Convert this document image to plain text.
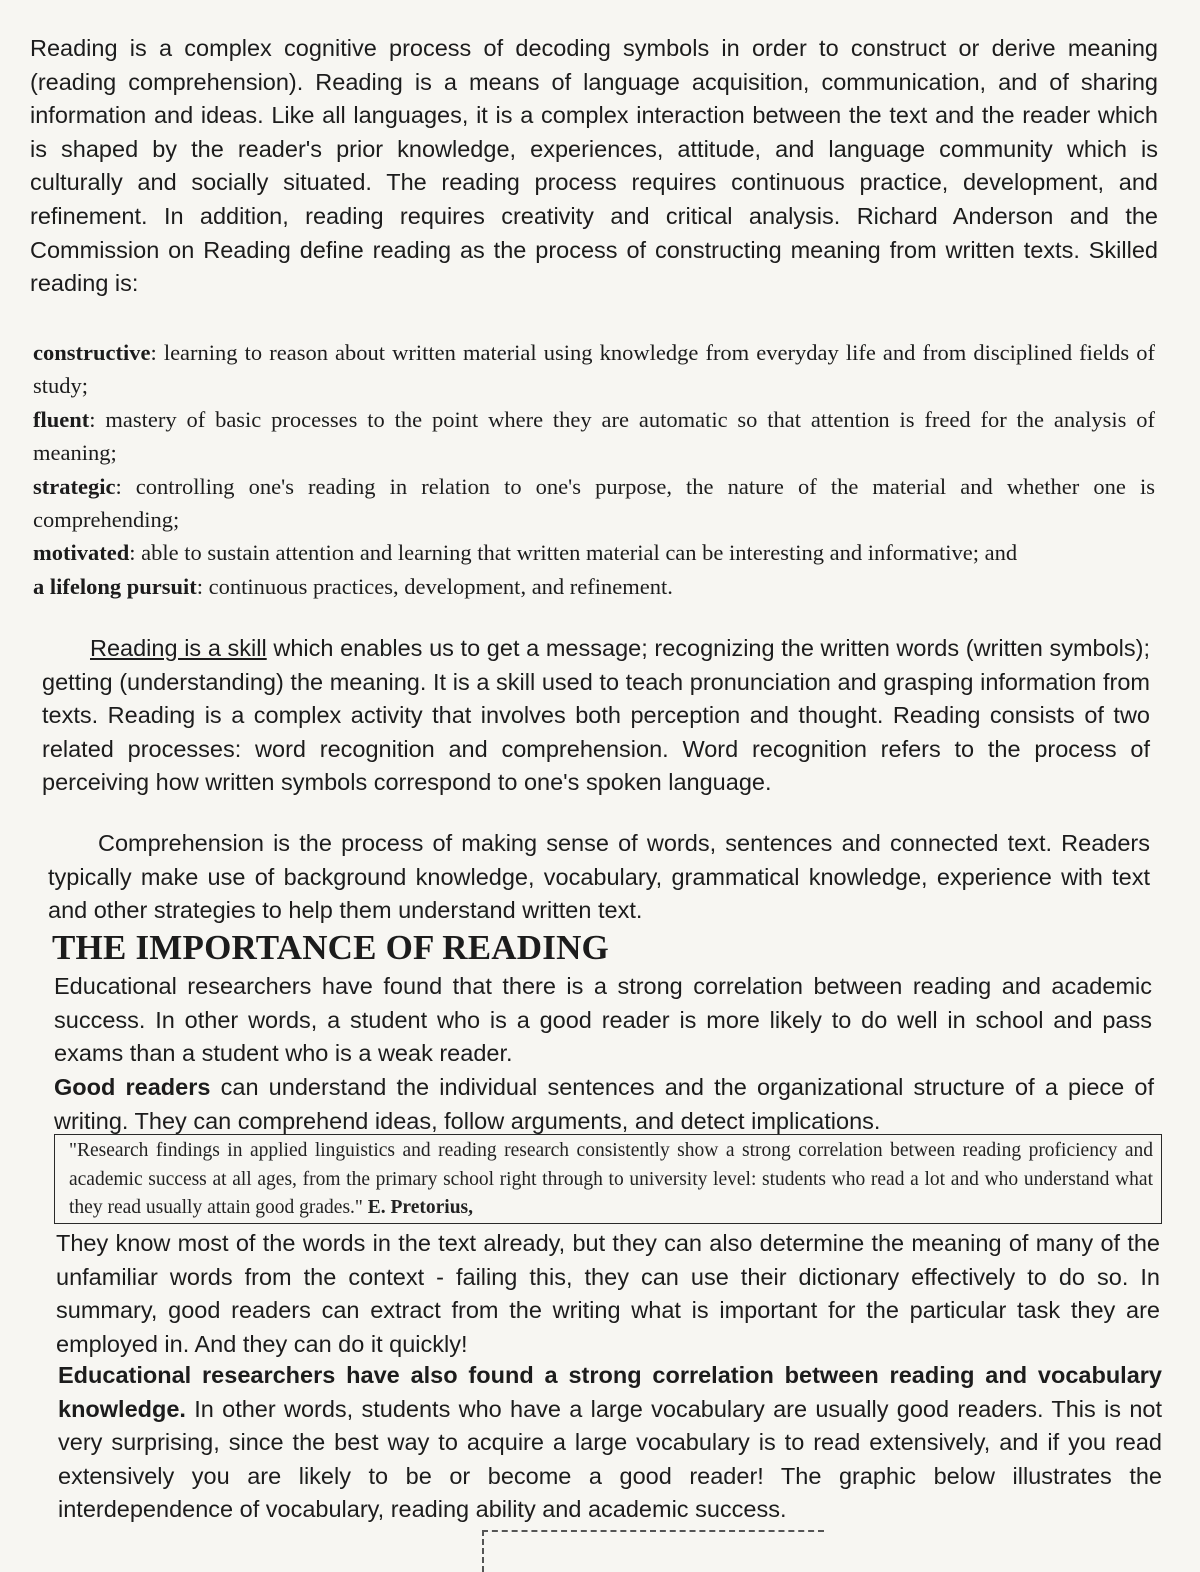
Reading is a complex cognitive process of decoding symbols in order to construct or derive meaning (reading comprehension). Reading is a means of language acquisition, communication, and of sharing information and ideas. Like all languages, it is a complex interaction between the text and the reader which is shaped by the reader's prior knowledge, experiences, attitude, and language community which is culturally and socially situated. The reading process requires continuous practice, development, and refinement. In addition, reading requires creativity and critical analysis. Richard Anderson and the Commission on Reading define reading as the process of constructing meaning from written texts. Skilled reading is:

constructive: learning to reason about written material using knowledge from everyday life and from disciplined fields of study;

fluent: mastery of basic processes to the point where they are automatic so that attention is freed for the analysis of meaning;

strategic: controlling one's reading in relation to one's purpose, the nature of the material and whether one is comprehending;

motivated: able to sustain attention and learning that written material can be interesting and informative; and

a lifelong pursuit: continuous practices, development, and refinement.

Reading is a skill which enables us to get a message; recognizing the written words (written symbols); getting (understanding) the meaning. It is a skill used to teach pronunciation and grasping information from texts. Reading is a complex activity that involves both perception and thought. Reading consists of two related processes: word recognition and comprehension. Word recognition refers to the process of perceiving how written symbols correspond to one's spoken language.

Comprehension is the process of making sense of words, sentences and connected text. Readers typically make use of background knowledge, vocabulary, grammatical knowledge, experience with text and other strategies to help them understand written text.

THE IMPORTANCE OF READING

Educational researchers have found that there is a strong correlation between reading and academic success. In other words, a student who is a good reader is more likely to do well in school and pass exams than a student who is a weak reader.

Good readers can understand the individual sentences and the organizational structure of a piece of writing. They can comprehend ideas, follow arguments, and detect implications.

"Research findings in applied linguistics and reading research consistently show a strong correlation between reading proficiency and academic success at all ages, from the primary school right through to university level: students who read a lot and who understand what they read usually attain good grades." E. Pretorius,

They know most of the words in the text already, but they can also determine the meaning of many of the unfamiliar words from the context - failing this, they can use their dictionary effectively to do so. In summary, good readers can extract from the writing what is important for the particular task they are employed in. And they can do it quickly!

Educational researchers have also found a strong correlation between reading and vocabulary knowledge. In other words, students who have a large vocabulary are usually good readers. This is not very surprising, since the best way to acquire a large vocabulary is to read extensively, and if you read extensively you are likely to be or become a good reader! The graphic below illustrates the interdependence of vocabulary, reading ability and academic success.
